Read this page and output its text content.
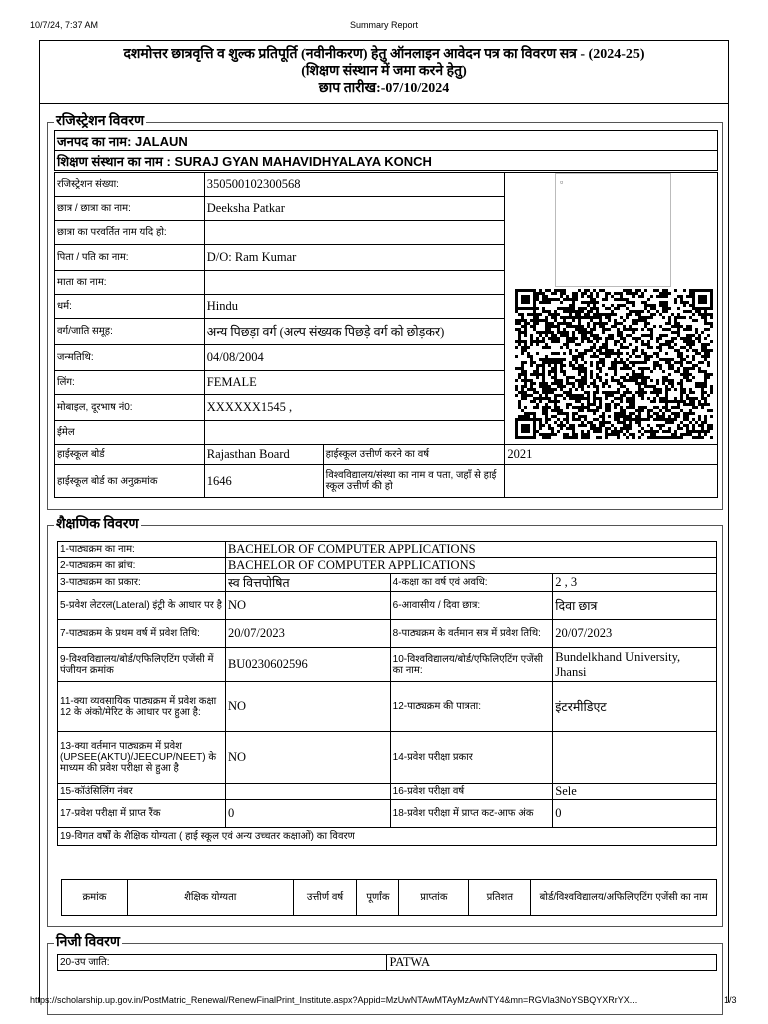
10/7/24, 7:37 AM	Summary Report
दशमोत्तर छात्रवृत्ति व शुल्क प्रतिपूर्ति (नवीनीकरण) हेतु ऑनलाइन आवेदन पत्र का विवरण सत्र - (2024-25)
(शिक्षण संस्थान में जमा करने हेतु)
छाप तारीख:-07/10/2024
रजिस्ट्रेशन विवरण
जनपद का नाम: JALAUN
शिक्षण संस्थान का नाम : SURAJ GYAN MAHAVIDHYALAYA KONCH
रजिस्ट्रेशन संख्या:	350500102300568		
छात्र / छात्रा का नाम:	Deeksha Patkar		
छात्रा का परवर्तित नाम यदि हो:			
पिता / पति का नाम:	D/O: Ram Kumar		
माता का नाम:			
धर्म:	Hindu		
वर्ग/जाति समूह:	अन्य पिछड़ा वर्ग (अल्प संख्यक पिछड़े वर्ग को छोड़कर)		
जन्मतिथि:	04/08/2004		
लिंग:	FEMALE		
मोबाइल, दूरभाष नं0:	XXXXXX1545 ,		
ईमेल			
हाईस्कूल बोर्ड	Rajasthan Board	हाईस्कूल उत्तीर्ण करने का वर्ष	2021
हाईस्कूल बोर्ड का अनुक्रमांक	1646	विश्वविद्यालय/संस्था का नाम व पता, जहाँ से हाई स्कूल उत्तीर्ण की हो	
▫
शैक्षणिक विवरण
1-पाठ्यक्रम का नाम:	BACHELOR OF COMPUTER APPLICATIONS		
2-पाठ्यक्रम का ब्रांच:	BACHELOR OF COMPUTER APPLICATIONS		
3-पाठ्यक्रम का प्रकार:	स्व वित्तपोषित	4-कक्षा का वर्ष एवं अवधि:	2 , 3
5-प्रवेश लेटरल(Lateral) इंट्री के आधार पर है	NO	6-आवासीय / दिवा छात्र:	दिवा छात्र
7-पाठ्यक्रम के प्रथम वर्ष में प्रवेश तिथि:	20/07/2023	8-पाठ्यक्रम के वर्तमान सत्र में प्रवेश तिथि:	20/07/2023
9-विश्वविद्यालय/बोर्ड/एफिलिएटिंग एजेंसी में पंजीयन क्रमांक	BU0230602596	10-विश्वविद्यालय/बोर्ड/एफिलिएटिंग एजेंसी का नाम:	Bundelkhand University, Jhansi
11-क्या व्यवसायिक पाठ्यक्रम में प्रवेश कक्षा 12 के अंको/मेरिट के आधार पर हुआ है:	NO	12-पाठ्यक्रम की पात्रता:	इंटरमीडिएट
13-क्या वर्तमान पाठ्यक्रम में प्रवेश (UPSEE(AKTU)/JEECUP/NEET) के माध्यम की प्रवेश परीक्षा से हुआ है	NO	14-प्रवेश परीक्षा प्रकार	
15-कॉउंसिलिंग नंबर		16-प्रवेश परीक्षा वर्ष	Sele
17-प्रवेश परीक्षा में प्राप्त रैंक	0	18-प्रवेश परीक्षा में प्राप्त कट-आफ अंक	0
19-विगत वर्षों के शैक्षिक योग्यता ( हाई स्कूल एवं अन्य उच्चतर कक्षाओं) का विवरण			
क्रमांक	शैक्षिक योग्यता	उत्तीर्ण वर्ष	पूर्णांक	प्राप्तांक	प्रतिशत	बोर्ड/विश्वविद्यालय/अफिलिएटिंग एजेंसी का नाम
निजी विवरण
20-उप जाति:	PATWA
https://scholarship.up.gov.in/PostMatric_Renewal/RenewFinalPrint_Institute.aspx?Appid=MzUwNTAwMTAyMzAwNTY4&mn=RGVla3NoYSBQYXRrYX...	1/3
